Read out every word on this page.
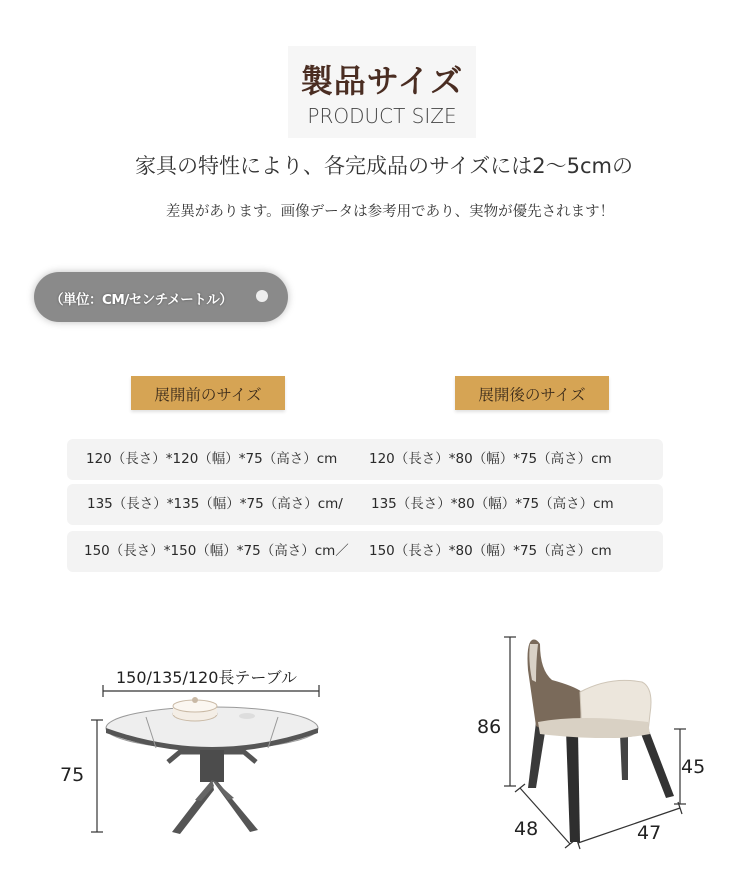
製品サイズ
PRODUCT SIZE
家具の特性により、各完成品のサイズには2～5cmの
差異があります。画像データは参考用であり、実物が優先されます！
（単位：CM/センチメートル）
展開前のサイズ	展開後のサイズ
120（長さ）*120（幅）*75（高さ）cm 120（長さ）*80（幅）*75（高さ）cm
135（長さ）*135（幅）*75（高さ）cm/ 135（長さ）*80（幅）*75（高さ）cm
150（長さ）*150（幅）*75（高さ）cm／ 150（長さ）*80（幅）*75（高さ）cm
150/135/120長テーブル
75
86
45
48	47
